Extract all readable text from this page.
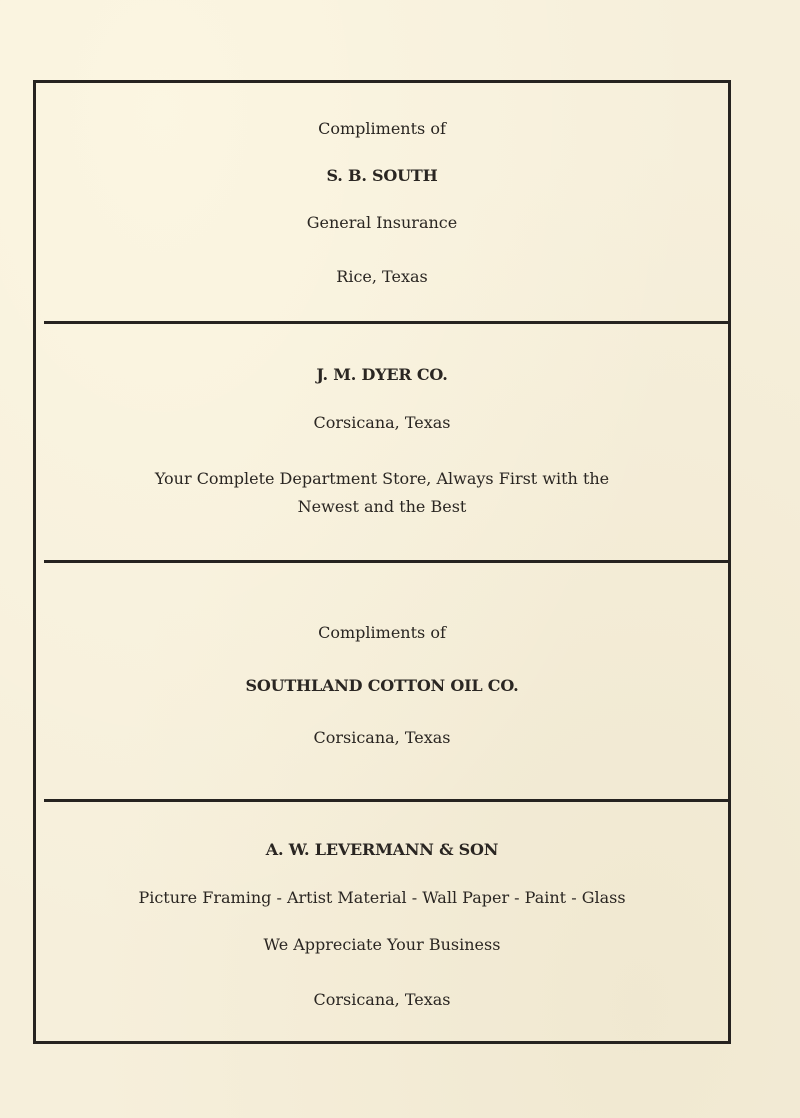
Compliments of
S. B. SOUTH
General Insurance
Rice, Texas
J. M. DYER CO.
Corsicana, Texas
Your Complete Department Store, Always First with the
Newest and the Best
Compliments of
SOUTHLAND COTTON OIL CO.
Corsicana, Texas
A. W. LEVERMANN & SON
Picture Framing - Artist Material - Wall Paper - Paint - Glass
We Appreciate Your Business
Corsicana, Texas
